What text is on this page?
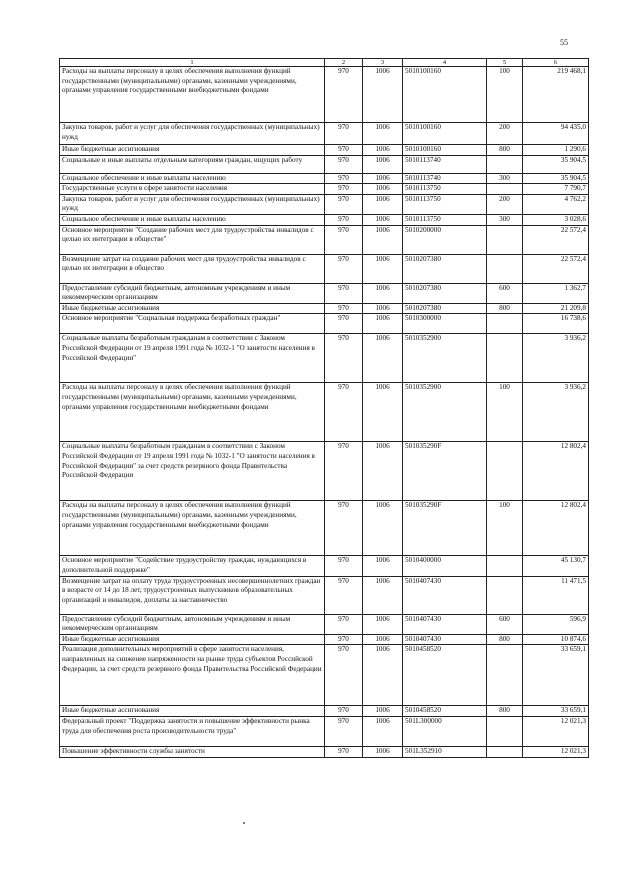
55
1	2	3	4	5	6
Расходы на выплаты персоналу в целях обеспечения выполнения функций государственными (муниципальными) органами, казенными учреждениями, органами управления государственными внебюджетными фондами	970	1006	5010100160	100	219 468,1
Закупка товаров, работ и услуг для обеспечения государственных (муниципальных) нужд	970	1006	5010100160	200	94 435,0
Иные бюджетные ассигнования	970	1006	5010100160	800	1 290,6
Социальные и иные выплаты отдельным категориям граждан, ищущих работу	970	1006	5010113740		35 904,5
Социальное обеспечение и иные выплаты населению	970	1006	5010113740	300	35 904,5
Государственные услуги в сфере занятости населения	970	1006	5010113750		7 790,7
Закупка товаров, работ и услуг для обеспечения государственных (муниципальных) нужд	970	1006	5010113750	200	4 762,2
Социальное обеспечение и иные выплаты населению	970	1006	5010113750	300	3 028,6
Основное мероприятие "Создание рабочих мест для трудоустройства инвалидов с целью их интеграции в обществе"	970	1006	5010200000		22 572,4
Возмещение затрат на создание рабочих мест для трудоустройства инвалидов с целью их интеграции в общество	970	1006	5010207380		22 572,4
Предоставление субсидий бюджетным, автономным учреждениям и иным некоммерческим организациям	970	1006	5010207380	600	1 362,7
Иные бюджетные ассигнования	970	1006	5010207380	800	21 209,8
Основное мероприятие "Социальная поддержка безработных граждан"	970	1006	5010300000		16 738,6
Социальные выплаты безработным гражданам в соответствии с Законом Российской Федерации от 19 апреля 1991 года № 1032-1 "О занятости населения в Российской Федерации"	970	1006	5010352900		3 936,2
Расходы на выплаты персоналу в целях обеспечения выполнения функций государственными (муниципальными) органами, казенными учреждениями, органами управления государственными внебюджетными фондами	970	1006	5010352900	100	3 936,2
Социальные выплаты безработным гражданам в соответствии с Законом Российской Федерации от 19 апреля 1991 года № 1032-1 "О занятости населения в Российской Федерации" за счет средств резервного фонда Правительства Российской Федерации	970	1006	501035290F		12 802,4
Расходы на выплаты персоналу в целях обеспечения выполнения функций государственными (муниципальными) органами, казенными учреждениями, органами управления государственными внебюджетными фондами	970	1006	501035290F	100	12 802,4
Основное мероприятие "Содействие трудоустройству граждан, нуждающихся в дополнительной поддержке"	970	1006	5010400000		45 130,7
Возмещение затрат на оплату труда трудоустроенных несовершеннолетних граждан в возрасте от 14 до 18 лет, трудоустроенных выпускников образовательных организаций и инвалидов, доплаты за наставничество	970	1006	5010407430		11 471,5
Предоставление субсидий бюджетным, автономным учреждениям и иным некоммерческим организациям	970	1006	5010407430	600	596,9
Иные бюджетные ассигнования	970	1006	5010407430	800	10 874,6
Реализация дополнительных мероприятий в сфере занятости населения, направленных на снижение напряженности на рынке труда субъектов Российской Федерации, за счет средств резервного фонда Правительства Российской Федерации	970	1006	5010458520		33 659,1
Иные бюджетные ассигнования	970	1006	5010458520	800	33 659,1
Федеральный проект "Поддержка занятости и повышение эффективности рынка труда для обеспечения роста производительности труда"	970	1006	501L300000		12 021,3
Повышение эффективности службы занятости	970	1006	501L352910		12 021,3
